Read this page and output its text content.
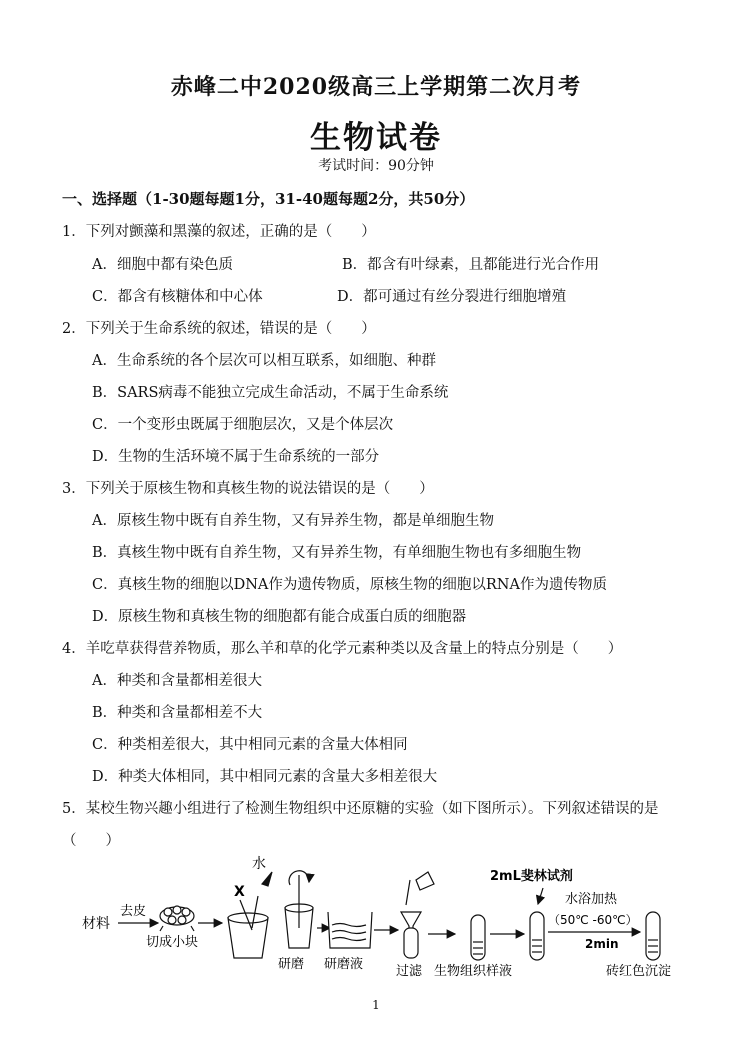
赤峰二中2020级高三上学期第二次月考
生物试卷
考试时间：90分钟
一、选择题（1-30题每题1分，31-40题每题2分，共50分）
1．下列对颤藻和黑藻的叙述，正确的是（　　）
A．细胞中都有染色质	B．都含有叶绿素，且都能进行光合作用
C．都含有核糖体和中心体	D．都可通过有丝分裂进行细胞增殖
2．下列关于生命系统的叙述，错误的是（　　）
A．生命系统的各个层次可以相互联系，如细胞、种群
B．SARS病毒不能独立完成生命活动，不属于生命系统
C．一个变形虫既属于细胞层次，又是个体层次
D．生物的生活环境不属于生命系统的一部分
3．下列关于原核生物和真核生物的说法错误的是（　　）
A．原核生物中既有自养生物，又有异养生物，都是单细胞生物
B．真核生物中既有自养生物，又有异养生物，有单细胞生物也有多细胞生物
C．真核生物的细胞以DNA作为遗传物质，原核生物的细胞以RNA作为遗传物质
D．原核生物和真核生物的细胞都有能合成蛋白质的细胞器
4．羊吃草获得营养物质，那么羊和草的化学元素种类以及含量上的特点分别是（　　）
A．种类和含量都相差很大
B．种类和含量都相差不大
C．种类相差很大，其中相同元素的含量大体相同
D．种类大体相同，其中相同元素的含量大多相差很大
5．某校生物兴趣小组进行了检测生物组织中还原糖的实验（如下图所示）。下列叙述错误的是
（　　）
材料
去皮
切成小块
X
水
研磨 研磨液	过滤 生物组织样液
2mL斐林试剂
水浴加热
（50℃ -60℃）
2min
砖红色沉淀
1
